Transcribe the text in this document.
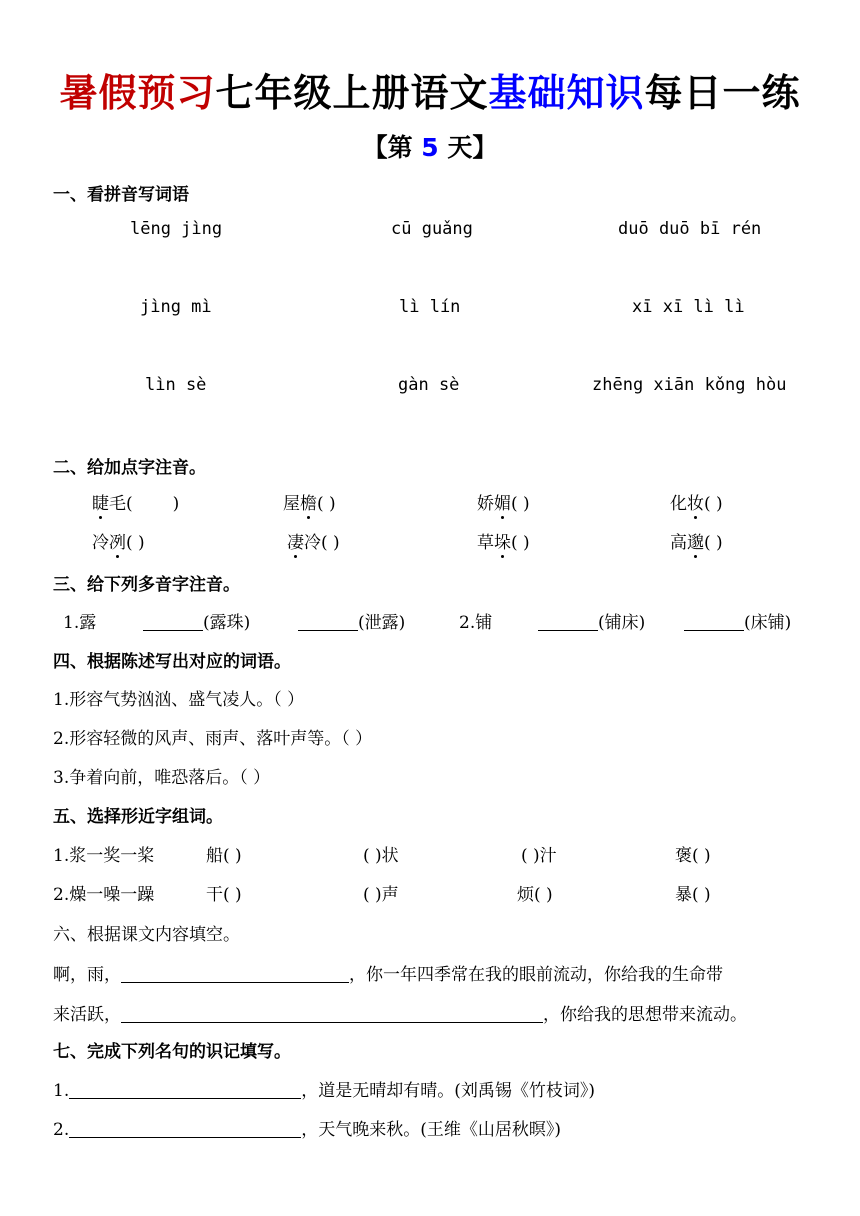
暑假预习七年级上册语文基础知识每日一练
【第 5 天】
一、看拼音写词语
lēng jìng	cū guǎng	duō duō bī rén
jìng mì	lì lín	xī xī lì lì
lìn sè	gàn sè	zhēng xiān kǒng hòu
二、给加点字注音。
睫毛( )	屋檐( )	娇媚( )	化妆( )
冷冽( )	凄冷( )	草垛( )	高邈( )
三、给下列多音字注音。
1.露	(露珠)	(泄露)	2.铺	(铺床)	(床铺)
四、根据陈述写出对应的词语。
1.形容气势汹汹、盛气凌人。（ ）
2.形容轻微的风声、雨声、落叶声等。（ ）
3.争着向前，唯恐落后。（ ）
五、选择形近字组词。
1.浆一奖一桨	船( )	( )状	( )汁	褒( )
2.燥一噪一躁	干( )	( )声	烦( )	暴( )
六、根据课文内容填空。
啊，雨，	，你一年四季常在我的眼前流动，你给我的生命带
来活跃，	，你给我的思想带来流动。
七、完成下列名句的识记填写。
1.	，道是无晴却有晴。(刘禹锡《竹枝词》)
2.	，天气晚来秋。(王维《山居秋暝》)
